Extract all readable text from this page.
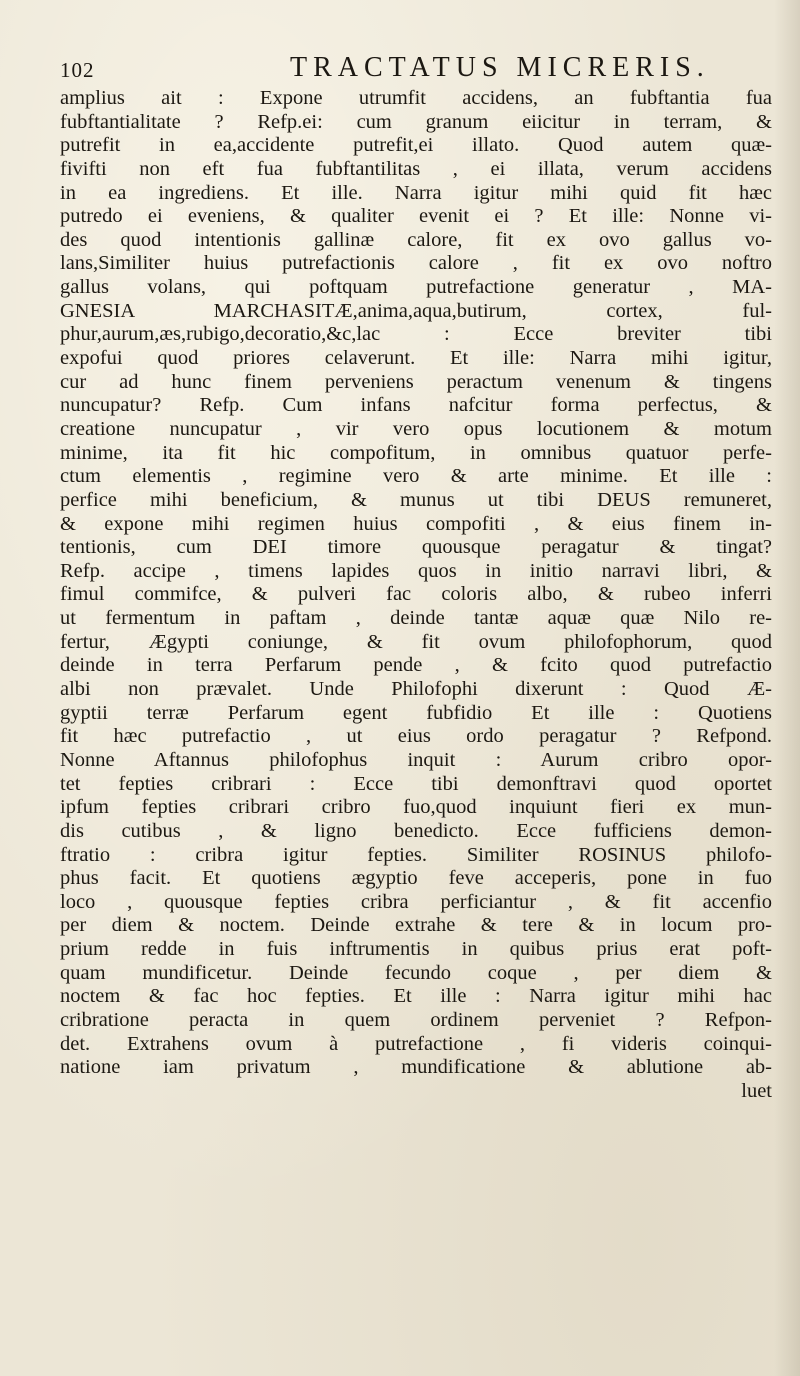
102	TRACTATUS MICRERIS.
amplius ait : Expone utrumfit accidens, an fubftantia fua
fubftantialitate ? Refp.ei: cum granum eiicitur in terram, &
putrefit in ea,accidente putrefit,ei illato. Quod autem quæ-
fivifti non eft fua fubftantilitas , ei illata, verum accidens
in ea ingrediens. Et ille. Narra igitur mihi quid fit hæc
putredo ei eveniens, & qualiter evenit ei ? Et ille: Nonne vi-
des quod intentionis gallinæ calore, fit ex ovo gallus vo-
lans,Similiter huius putrefactionis calore , fit ex ovo noftro
gallus volans, qui poftquam putrefactione generatur , MA-
GNESIA MARCHASITÆ,anima,aqua,butirum, cortex, ful-
phur,aurum,æs,rubigo,decoratio,&c,lac : Ecce breviter tibi
expofui quod priores celaverunt. Et ille: Narra mihi igitur,
cur ad hunc finem perveniens peractum venenum & tingens
nuncupatur? Refp. Cum infans nafcitur forma perfectus, &
creatione nuncupatur , vir vero opus locutionem & motum
minime, ita fit hic compofitum, in omnibus quatuor perfe-
ctum elementis , regimine vero & arte minime. Et ille :
perfice mihi beneficium, & munus ut tibi DEUS remuneret,
& expone mihi regimen huius compofiti , & eius finem in-
tentionis, cum DEI timore quousque peragatur & tingat?
Refp. accipe , timens lapides quos in initio narravi libri, &
fimul commifce, & pulveri fac coloris albo, & rubeo inferri
ut fermentum in paftam , deinde tantæ aquæ quæ Nilo re-
fertur, Ægypti coniunge, & fit ovum philofophorum, quod
deinde in terra Perfarum pende , & fcito quod putrefactio
albi non prævalet. Unde Philofophi dixerunt : Quod Æ-
gyptii terræ Perfarum egent fubfidio Et ille : Quotiens
fit hæc putrefactio , ut eius ordo peragatur ? Refpond.
Nonne Aftannus philofophus inquit : Aurum cribro opor-
tet fepties cribrari : Ecce tibi demonftravi quod oportet
ipfum fepties cribrari cribro fuo,quod inquiunt fieri ex mun-
dis cutibus , & ligno benedicto. Ecce fufficiens demon-
ftratio : cribra igitur fepties. Similiter ROSINUS philofo-
phus facit. Et quotiens ægyptio feve acceperis, pone in fuo
loco , quousque fepties cribra perficiantur , & fit accenfio
per diem & noctem. Deinde extrahe & tere & in locum pro-
prium redde in fuis inftrumentis in quibus prius erat poft-
quam mundificetur. Deinde fecundo coque , per diem &
noctem & fac hoc fepties. Et ille : Narra igitur mihi hac
cribratione peracta in quem ordinem perveniet ? Refpon-
det. Extrahens ovum à putrefactione , fi videris coinqui-
natione iam privatum , mundificatione & ablutione ab-
luet
